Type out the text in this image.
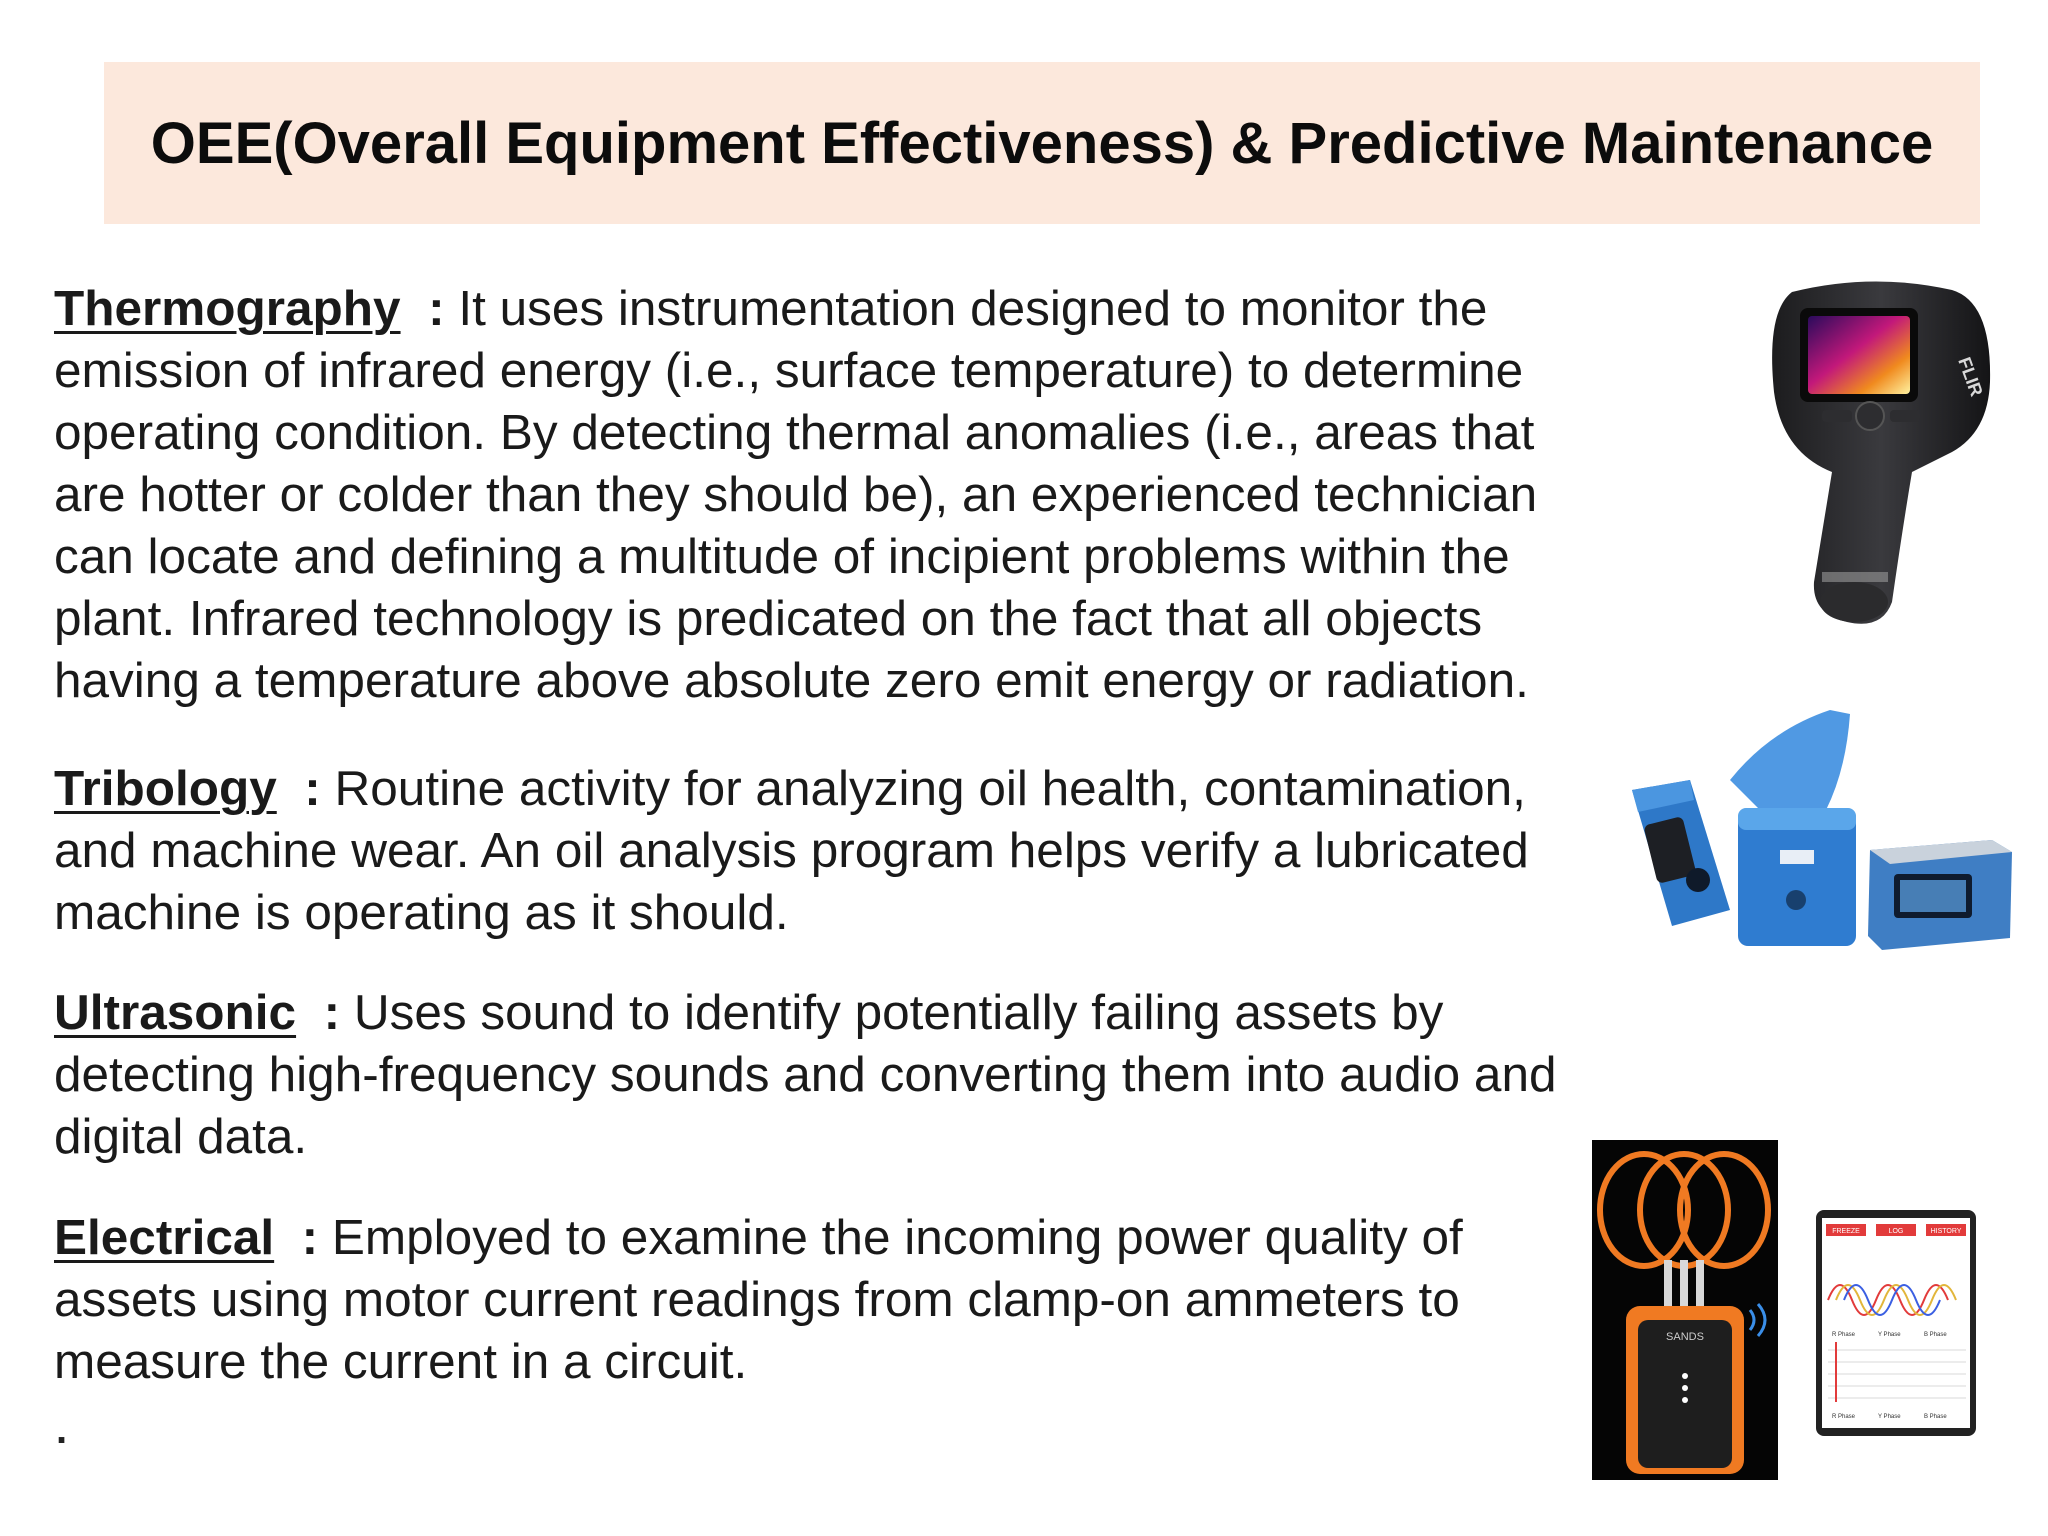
OEE(Overall Equipment Effectiveness) & Predictive Maintenance

Thermography : It uses instrumentation designed to monitor the
emission of infrared energy (i.e., surface temperature) to determine
operating condition. By detecting thermal anomalies (i.e., areas that
are hotter or colder than they should be), an experienced technician
can locate and defining a multitude of incipient problems within the
plant. Infrared technology is predicated on the fact that all objects
having a temperature above absolute zero emit energy or radiation.

Tribology : Routine activity for analyzing oil health, contamination,
and machine wear. An oil analysis program helps verify a lubricated
machine is operating as it should.

Ultrasonic : Uses sound to identify potentially failing assets by
detecting high-frequency sounds and converting them into audio and
digital data.

Electrical : Employed to examine the incoming power quality of
assets using motor current readings from clamp-on ammeters to
measure the current in a circuit.

.
FLIR
SANDS
FREEZE	LOG	HISTORY
R Phase	Y Phase	B Phase
R Phase	Y Phase	B Phase
